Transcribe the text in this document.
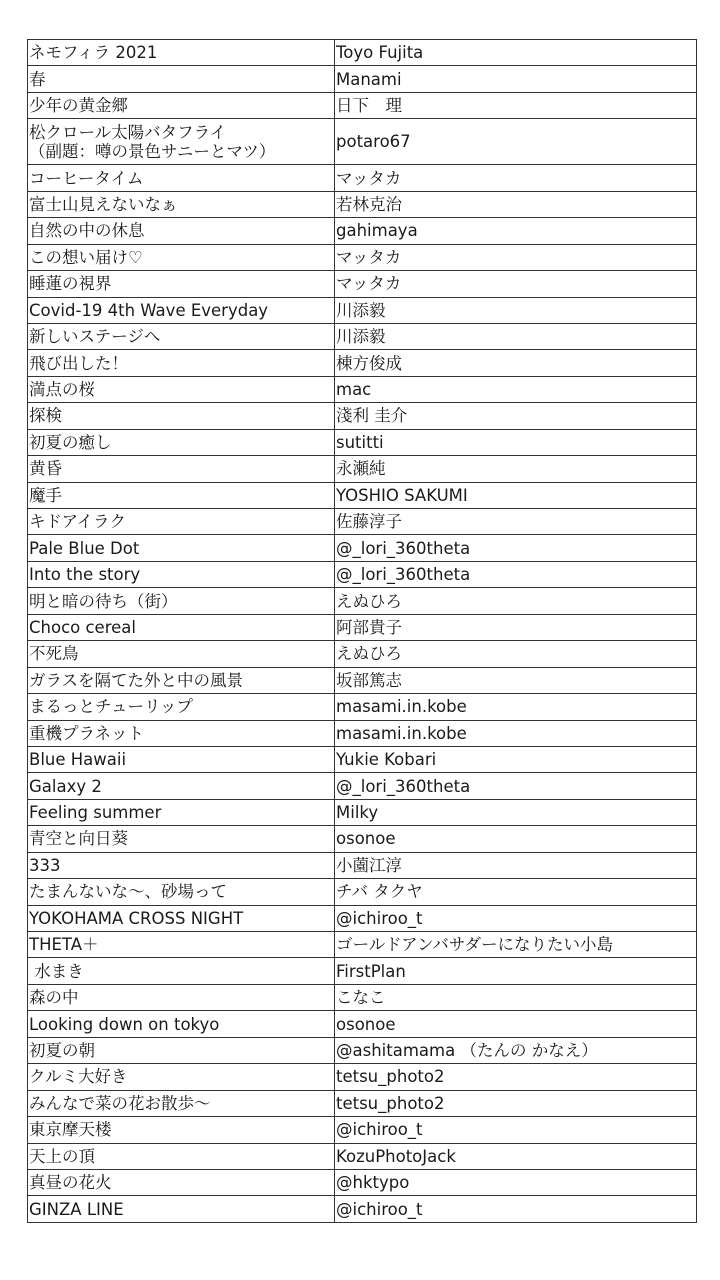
ネモフィラ 2021	Toyo Fujita
春	Manami
少年の黄金郷	日下　理
松クロール太陽バタフライ
（副題：噂の景色サニーとマツ）	potaro67
コーヒータイム	マッタカ
富士山見えないなぁ	若林克治
自然の中の休息	gahimaya
この想い届け♡	マッタカ
睡蓮の視界	マッタカ
Covid-19 4th Wave Everyday	川添毅
新しいステージへ	川添毅
飛び出した！	棟方俊成
満点の桜	mac
探検	淺利 圭介
初夏の癒し	sutitti
黄昏	永瀬純
魔手	YOSHIO SAKUMI
キドアイラク	佐藤淳子
Pale Blue Dot	@_lori_360theta
Into the story	@_lori_360theta
明と暗の待ち（街）	えぬひろ
Choco cereal	阿部貴子
不死鳥	えぬひろ
ガラスを隔てた外と中の風景	坂部篤志
まるっとチューリップ	masami.in.kobe
重機プラネット	masami.in.kobe
Blue Hawaii	Yukie Kobari
Galaxy 2	@_lori_360theta
Feeling summer	Milky
青空と向日葵	osonoe
333	小薗江淳
たまんないな～、砂場って	チバ タクヤ
YOKOHAMA CROSS NIGHT	@ichiroo_t
THETA＋	ゴールドアンバサダーになりたい小島
水まき	FirstPlan
森の中	こなこ
Looking down on tokyo	osonoe
初夏の朝	@ashitamama （たんの かなえ）
クルミ大好き	tetsu_photo2
みんなで菜の花お散歩～	tetsu_photo2
東京摩天楼	@ichiroo_t
天上の頂	KozuPhotoJack
真昼の花火	@hktypo
GINZA LINE	@ichiroo_t
